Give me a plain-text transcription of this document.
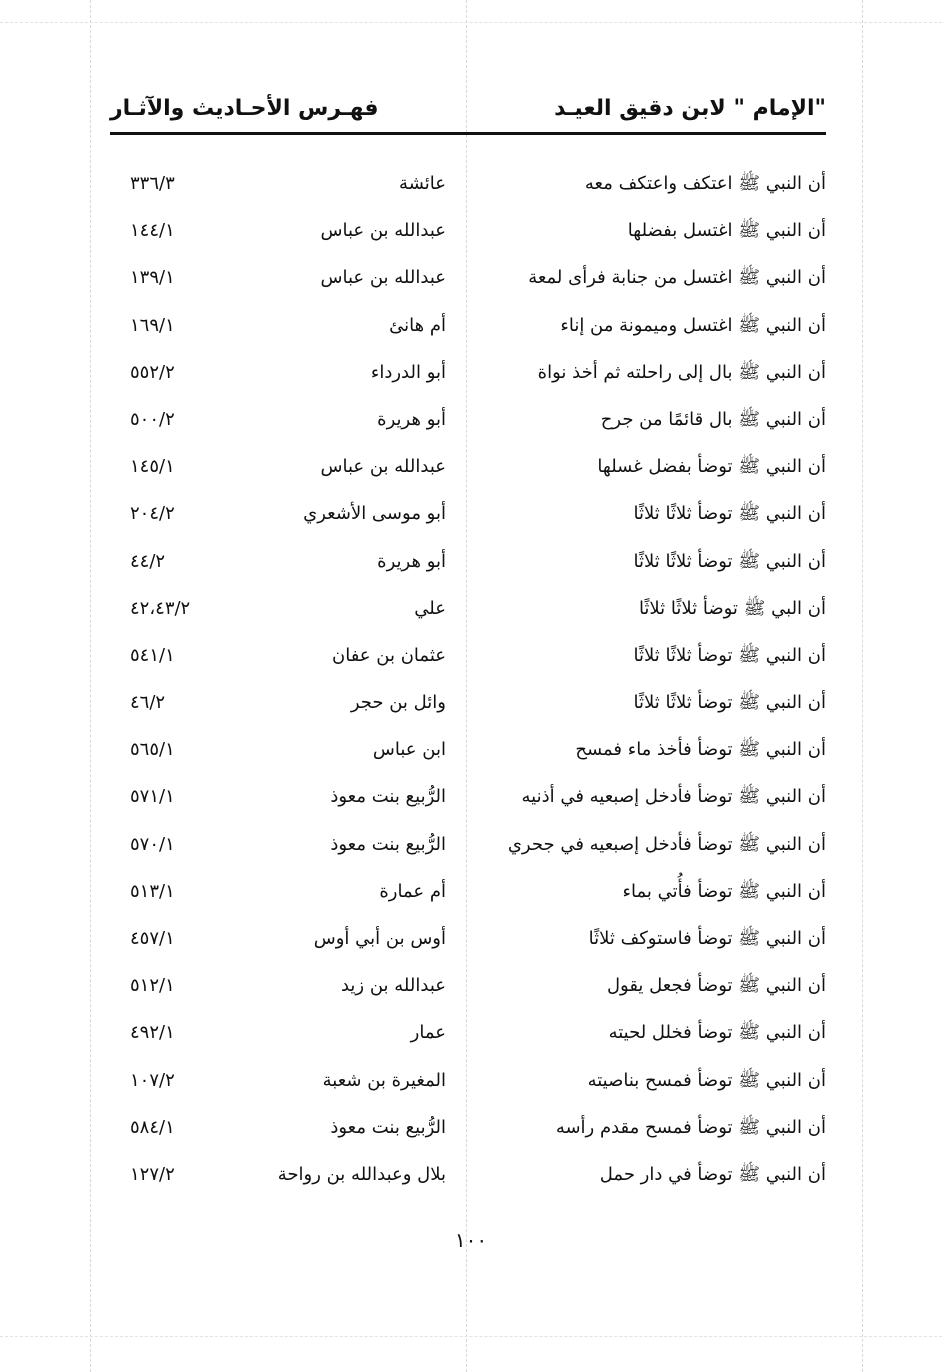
"الإمام " لابن دقيق العيـد
فهـرس الأحـاديث والآثـار
أن النبي ﷺ اعتكف واعتكف معه
عائشة
٣٣٦/٣
أن النبي ﷺ اغتسل بفضلها
عبدالله بن عباس
١٤٤/١
أن النبي ﷺ اغتسل من جنابة فرأى لمعة
عبدالله بن عباس
١٣٩/١
أن النبي ﷺ اغتسل وميمونة من إناء
أم هانئ
١٦٩/١
أن النبي ﷺ بال إلى راحلته ثم أخذ نواة
أبو الدرداء
٥٥٢/٢
أن النبي ﷺ بال قائمًا من جرح
أبو هريرة
٥٠٠/٢
أن النبي ﷺ توضأ بفضل غسلها
عبدالله بن عباس
١٤٥/١
أن النبي ﷺ توضأ ثلاثًا ثلاثًا
أبو موسى الأشعري
٢٠٤/٢
أن النبي ﷺ توضأ ثلاثًا ثلاثًا
أبو هريرة
٤٤/٢
أن البي ﷺ توضأ ثلاثًا ثلاثًا
علي
٤٢،٤٣/٢
أن النبي ﷺ توضأ ثلاثًا ثلاثًا
عثمان بن عفان
٥٤١/١
أن النبي ﷺ توضأ ثلاثًا ثلاثًا
وائل بن حجر
٤٦/٢
أن النبي ﷺ توضأ فأخذ ماء فمسح
ابن عباس
٥٦٥/١
أن النبي ﷺ توضأ فأدخل إصبعيه في أذنيه
الرُّبيع بنت معوذ
٥٧١/١
أن النبي ﷺ توضأ فأدخل إصبعيه في جحري
الرُّبيع بنت معوذ
٥٧٠/١
أن النبي ﷺ توضأ فأُتي بماء
أم عمارة
٥١٣/١
أن النبي ﷺ توضأ فاستوكف ثلاثًا
أوس بن أبي أوس
٤٥٧/١
أن النبي ﷺ توضأ فجعل يقول
عبدالله بن زيد
٥١٢/١
أن النبي ﷺ توضأ فخلل لحيته
عمار
٤٩٢/١
أن النبي ﷺ توضأ فمسح بناصيته
المغيرة بن شعبة
١٠٧/٢
أن النبي ﷺ توضأ فمسح مقدم رأسه
الرُّبيع بنت معوذ
٥٨٤/١
أن النبي ﷺ توضأ في دار حمل
بلال وعبدالله بن رواحة
١٢٧/٢
١٠٠
